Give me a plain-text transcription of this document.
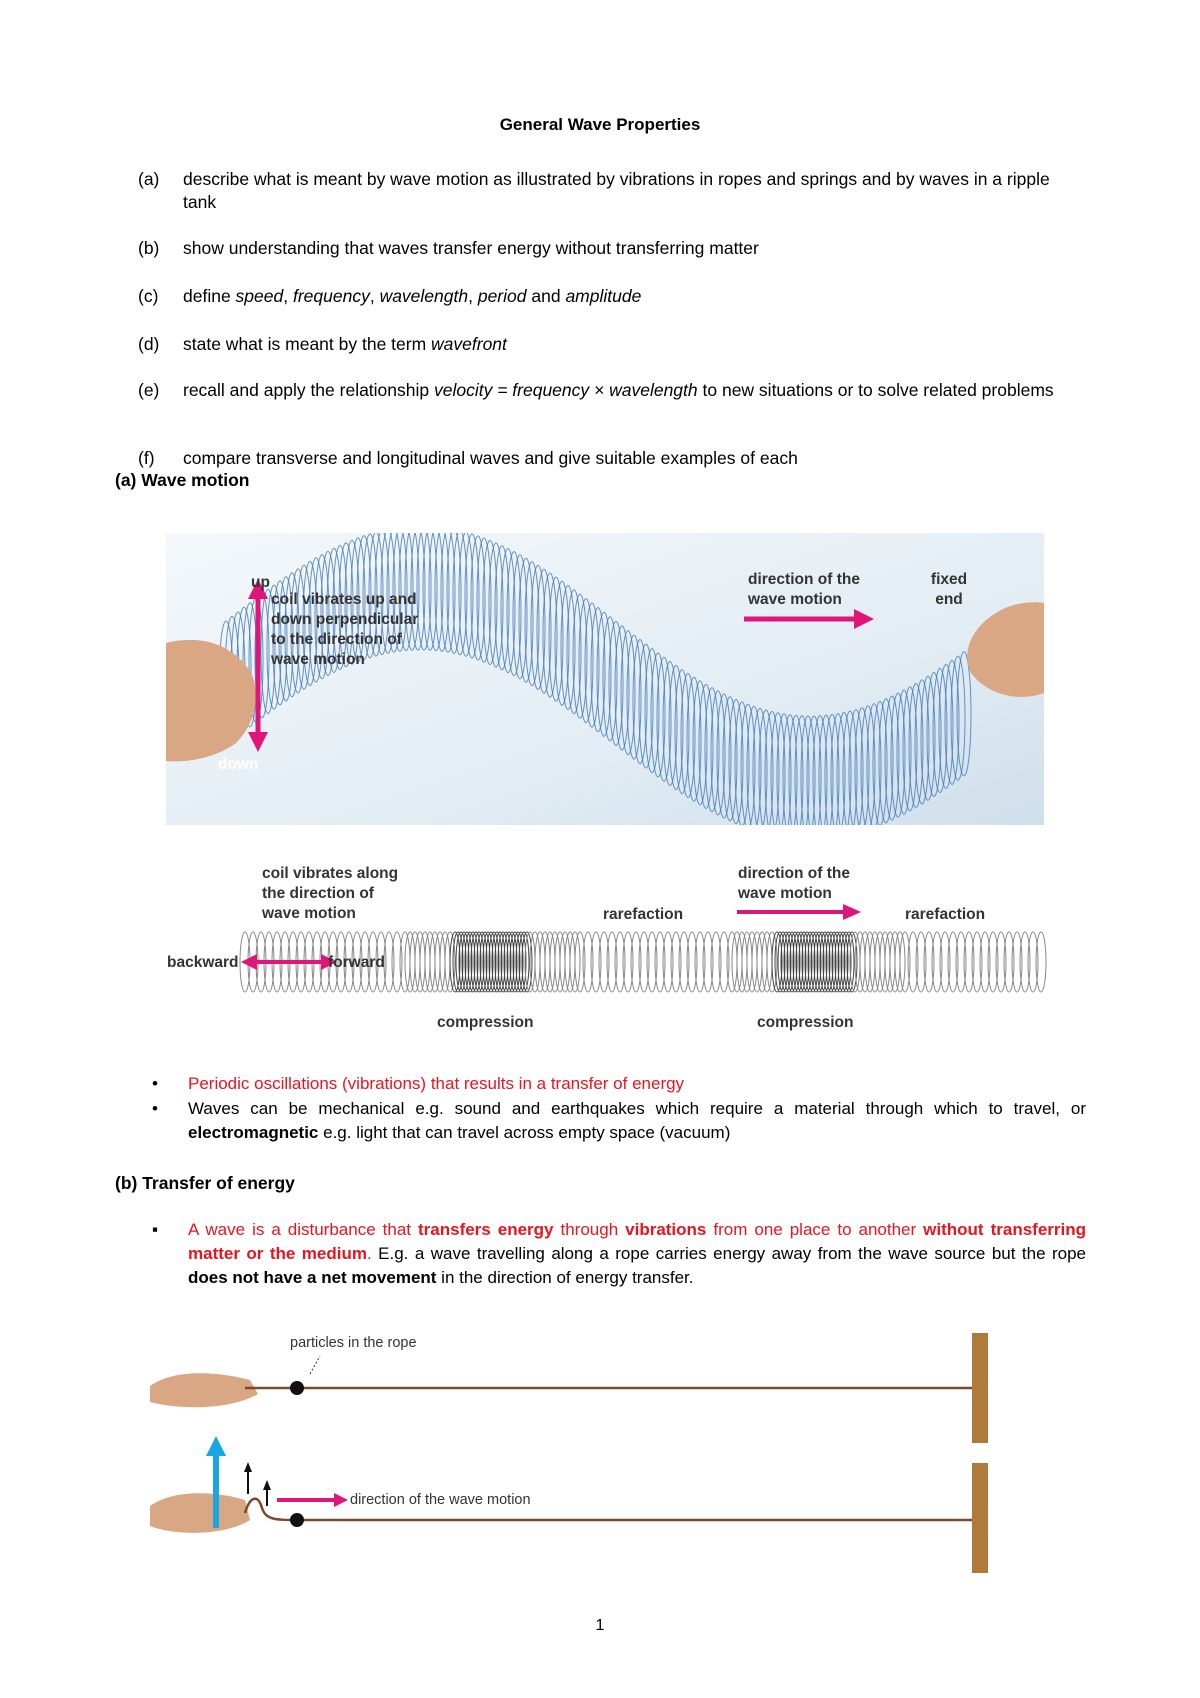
General Wave Properties
(a) describe what is meant by wave motion as illustrated by vibrations in ropes and springs and by waves in a ripple tank
(b) show understanding that waves transfer energy without transferring matter
(c) define speed, frequency, wavelength, period and amplitude
(d) state what is meant by the term wavefront
(e) recall and apply the relationship velocity = frequency × wavelength to new situations or to solve related problems
(f) compare transverse and longitudinal waves and give suitable examples of each
(a) Wave motion
up
coil vibrates up and down perpendicular to the direction of wave motion
down
direction of the wave motion
fixed end
coil vibrates along the direction of wave motion
direction of the wave motion
rarefaction	rarefaction
backward	forward
compression	compression
•	Periodic oscillations (vibrations) that results in a transfer of energy
•	Waves can be mechanical e.g. sound and earthquakes which require a material through which to travel, or electromagnetic e.g. light that can travel across empty space (vacuum)
(b) Transfer of energy
▪	A wave is a disturbance that transfers energy through vibrations from one place to another without transferring matter or the medium. E.g. a wave travelling along a rope carries energy away from the wave source but the rope does not have a net movement in the direction of energy transfer.
particles in the rope
direction of the wave motion
1
